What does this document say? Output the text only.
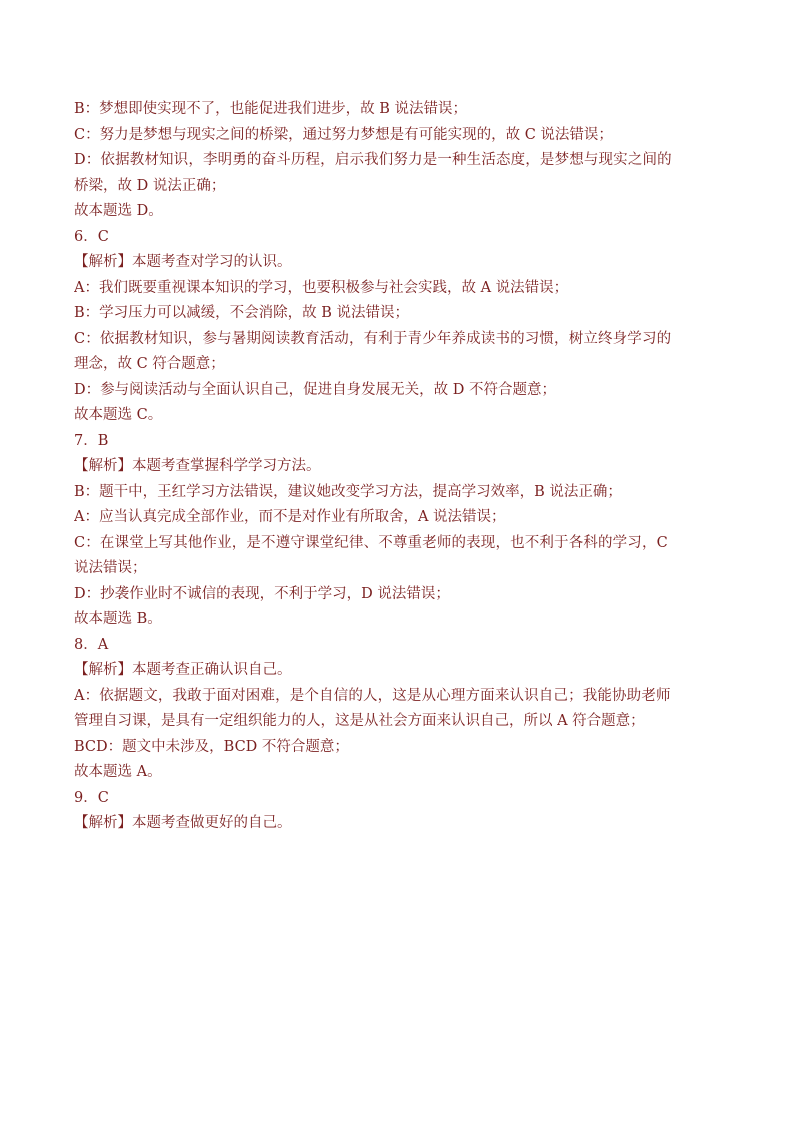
B：梦想即使实现不了，也能促进我们进步，故 B 说法错误；
C：努力是梦想与现实之间的桥梁，通过努力梦想是有可能实现的，故 C 说法错误；
D：依据教材知识，李明勇的奋斗历程，启示我们努力是一种生活态度，是梦想与现实之间的
桥梁，故 D 说法正确；
故本题选 D。
6．C
【解析】本题考查对学习的认识。
A：我们既要重视课本知识的学习，也要积极参与社会实践，故 A 说法错误；
B：学习压力可以减缓，不会消除，故 B 说法错误；
C：依据教材知识，参与暑期阅读教育活动，有利于青少年养成读书的习惯，树立终身学习的
理念，故 C 符合题意；
D：参与阅读活动与全面认识自己，促进自身发展无关，故 D 不符合题意；
故本题选 C。
7．B
【解析】本题考查掌握科学学习方法。
B：题干中，王红学习方法错误，建议她改变学习方法，提高学习效率，B 说法正确；
A：应当认真完成全部作业，而不是对作业有所取舍，A 说法错误；
C：在课堂上写其他作业，是不遵守课堂纪律、不尊重老师的表现，也不利于各科的学习，C
说法错误；
D：抄袭作业时不诚信的表现，不利于学习，D 说法错误；
故本题选 B。
8．A
【解析】本题考查正确认识自己。
A：依据题文，我敢于面对困难，是个自信的人，这是从心理方面来认识自己；我能协助老师
管理自习课，是具有一定组织能力的人，这是从社会方面来认识自己，所以 A 符合题意；
BCD：题文中未涉及，BCD 不符合题意；
故本题选 A。
9．C
【解析】本题考查做更好的自己。
